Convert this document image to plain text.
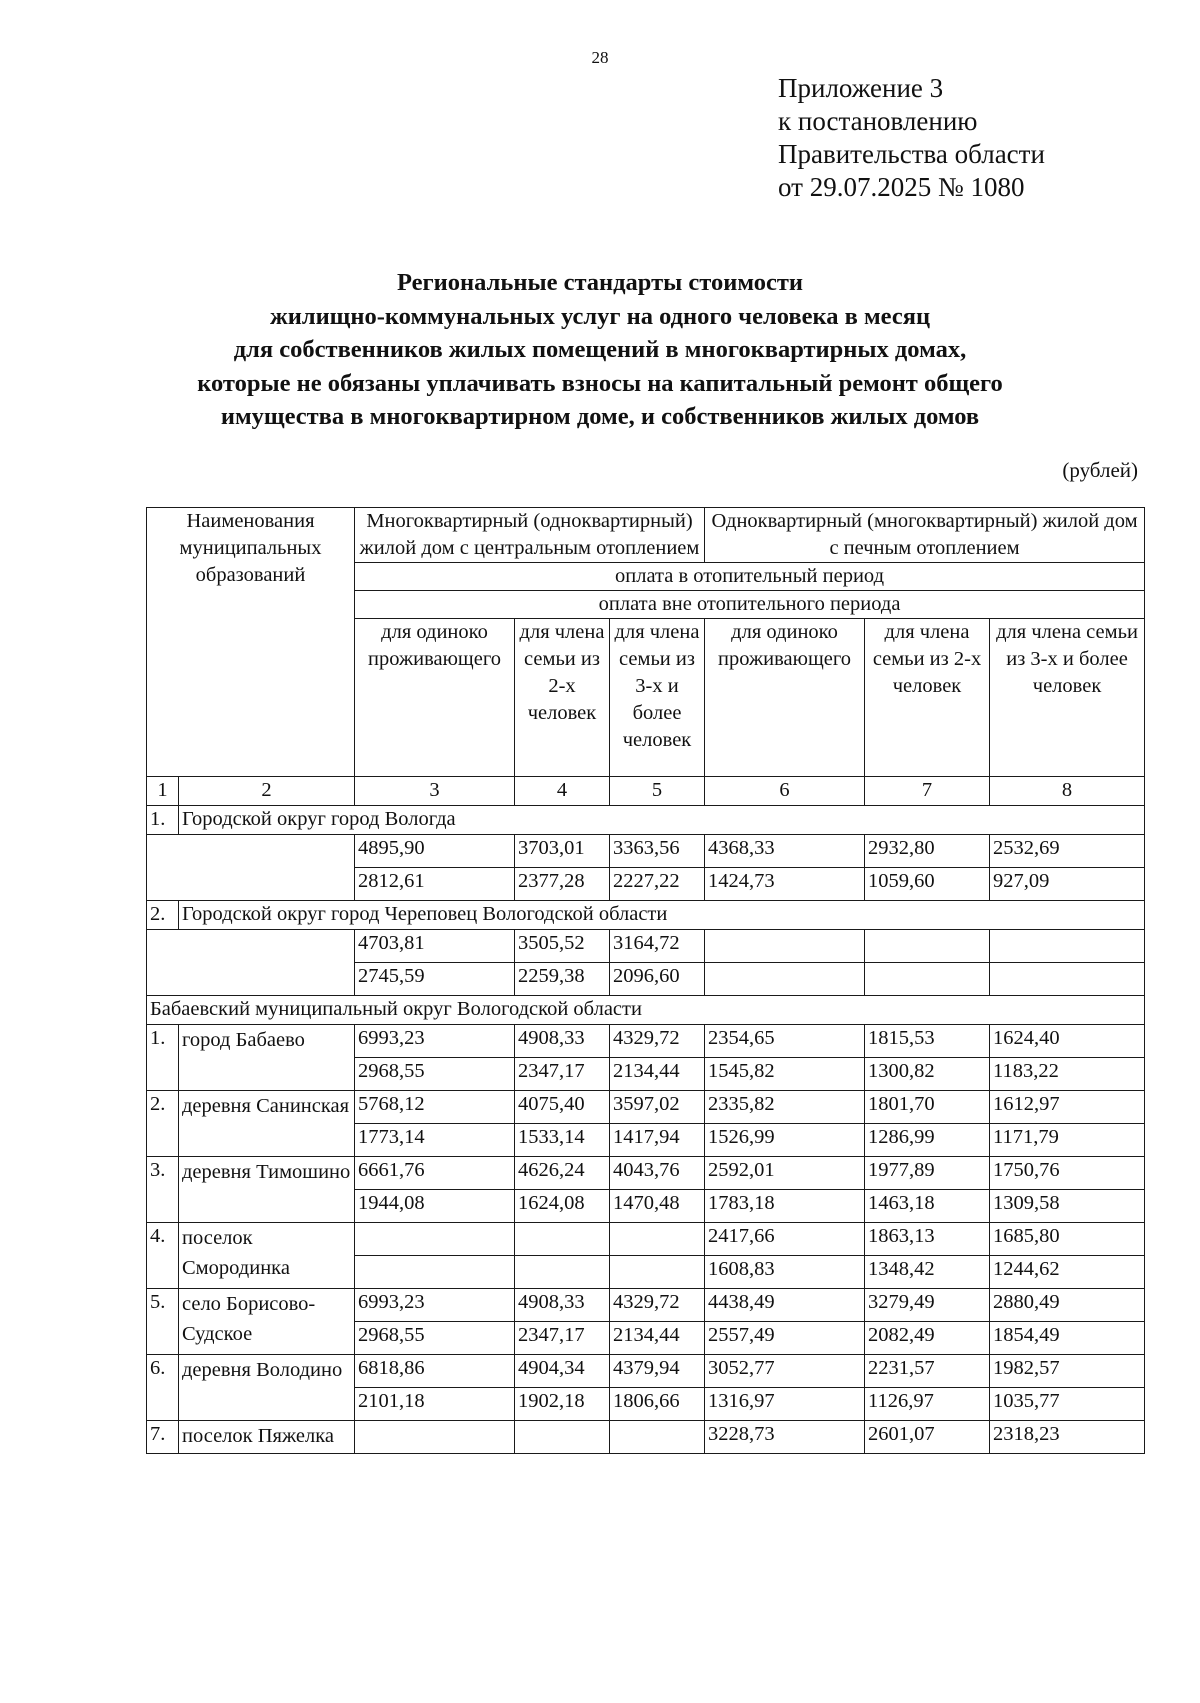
28
Приложение 3
к постановлению
Правительства области
от 29.07.2025 № 1080
Региональные стандарты стоимости
жилищно-коммунальных услуг на одного человека в месяц
для собственников жилых помещений в многоквартирных домах,
которые не обязаны уплачивать взносы на капитальный ремонт общего
имущества в многоквартирном доме, и собственников жилых домов
(рублей)
Наименования муниципальных образований		Многоквартирный (одноквартирный) жилой дом с центральным отоплением			Одноквартирный (многоквартирный) жилой дом с печным отоплением		
		оплата в отопительный период					
		оплата вне отопительного периода					
		для одиноко проживающего	для члена семьи из 2-х человек	для члена семьи из 3-х и более человек	для одиноко проживающего	для члена семьи из 2-х человек	для члена семьи из 3-х и более человек
1	2	3	4	5	6	7	8
1.	Городской округ город Вологда						
		4895,90	3703,01	3363,56	4368,33	2932,80	2532,69
		2812,61	2377,28	2227,22	1424,73	1059,60	927,09
2.	Городской округ город Череповец Вологодской области						
		4703,81	3505,52	3164,72			
		2745,59	2259,38	2096,60			
Бабаевский муниципальный округ Вологодской области							
1.	город Бабаево	6993,23	4908,33	4329,72	2354,65	1815,53	1624,40
		2968,55	2347,17	2134,44	1545,82	1300,82	1183,22
2.	деревня Санинская	5768,12	4075,40	3597,02	2335,82	1801,70	1612,97
		1773,14	1533,14	1417,94	1526,99	1286,99	1171,79
3.	деревня Тимошино	6661,76	4626,24	4043,76	2592,01	1977,89	1750,76
		1944,08	1624,08	1470,48	1783,18	1463,18	1309,58
4.	поселок Смородинка				2417,66	1863,13	1685,80
					1608,83	1348,42	1244,62
5.	село Борисово-Судское	6993,23	4908,33	4329,72	4438,49	3279,49	2880,49
		2968,55	2347,17	2134,44	2557,49	2082,49	1854,49
6.	деревня Володино	6818,86	4904,34	4379,94	3052,77	2231,57	1982,57
		2101,18	1902,18	1806,66	1316,97	1126,97	1035,77
7.	поселок Пяжелка				3228,73	2601,07	2318,23
